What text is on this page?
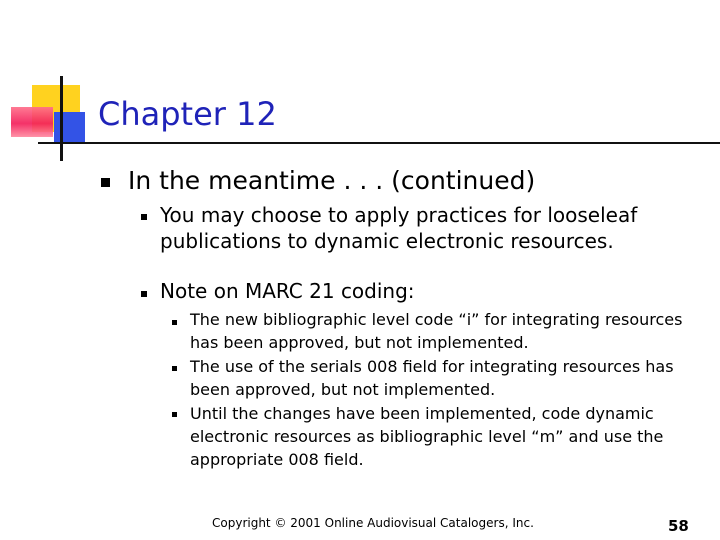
Chapter 12

In the meantime . . . (continued)

You may choose to apply practices for looseleaf publications to dynamic electronic resources.

Note on MARC 21 coding:

The new bibliographic level code “i” for integrating resources has been approved, but not implemented.

The use of the serials 008 field for integrating resources has been approved, but not implemented.

Until the changes have been implemented, code dynamic electronic resources as bibliographic level “m” and use the appropriate 008 field.

Copyright © 2001 Online Audiovisual Catalogers, Inc.	58
